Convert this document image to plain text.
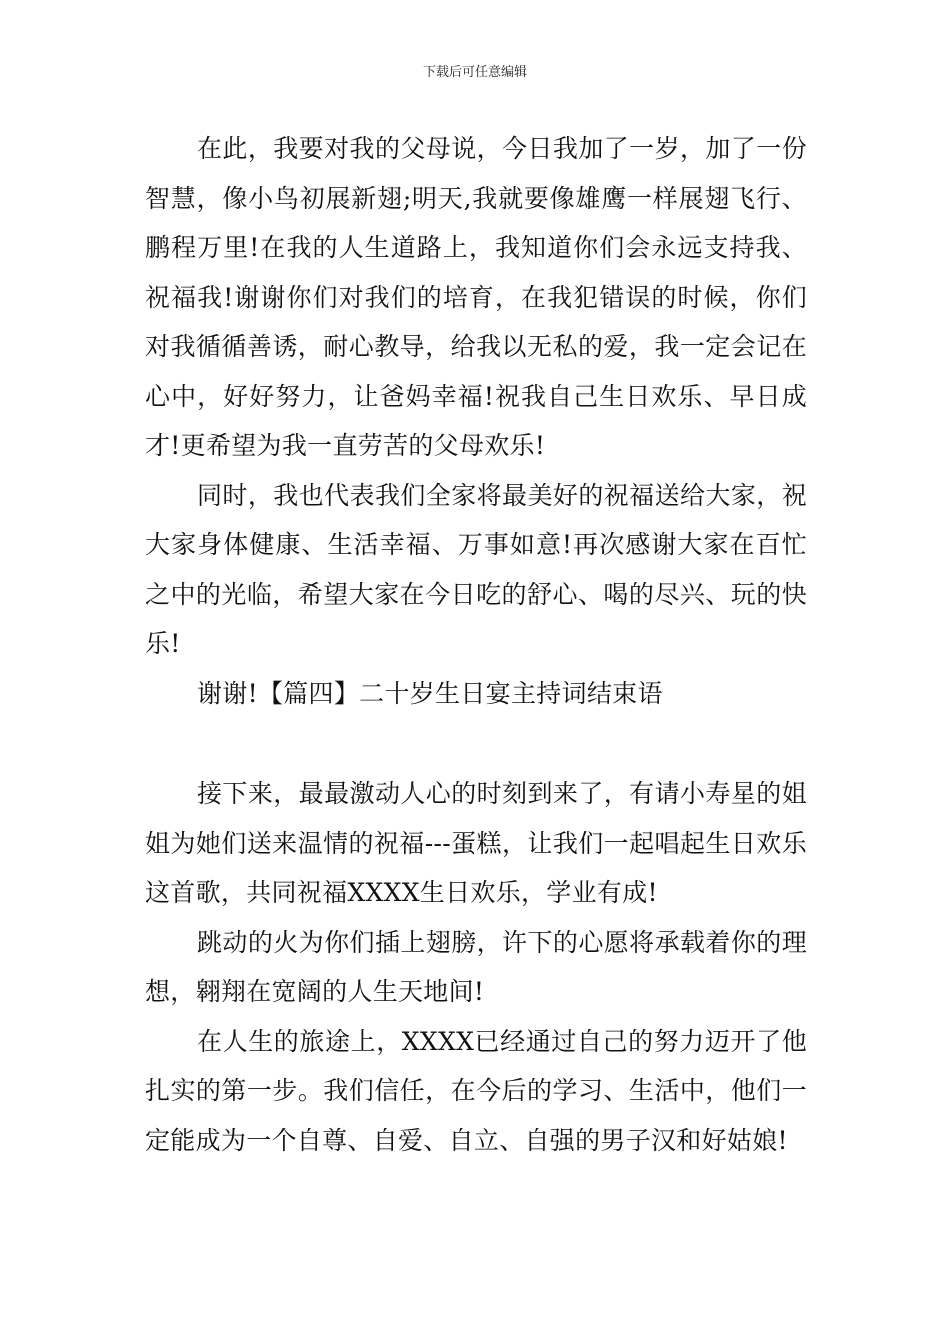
下载后可任意编辑

在此，我要对我的父母说，今日我加了一岁，加了一份智慧，像小鸟初展新翅;明天,我就要像雄鹰一样展翅飞行、鹏程万里!在我的人生道路上，我知道你们会永远支持我、祝福我!谢谢你们对我们的培育，在我犯错误的时候，你们对我循循善诱，耐心教导，给我以无私的爱，我一定会记在心中，好好努力，让爸妈幸福!祝我自己生日欢乐、早日成才!更希望为我一直劳苦的父母欢乐!

同时，我也代表我们全家将最美好的祝福送给大家，祝大家身体健康、生活幸福、万事如意!再次感谢大家在百忙之中的光临，希望大家在今日吃的舒心、喝的尽兴、玩的快乐!

谢谢!【篇四】二十岁生日宴主持词结束语

接下来，最最激动人心的时刻到来了，有请小寿星的姐姐为她们送来温情的祝福---蛋糕，让我们一起唱起生日欢乐这首歌，共同祝福XXXX生日欢乐，学业有成!

跳动的火为你们插上翅膀，许下的心愿将承载着你的理想，翱翔在宽阔的人生天地间!

在人生的旅途上，XXXX已经通过自己的努力迈开了他扎实的第一步。我们信任，在今后的学习、生活中，他们一定能成为一个自尊、自爱、自立、自强的男子汉和好姑娘!
